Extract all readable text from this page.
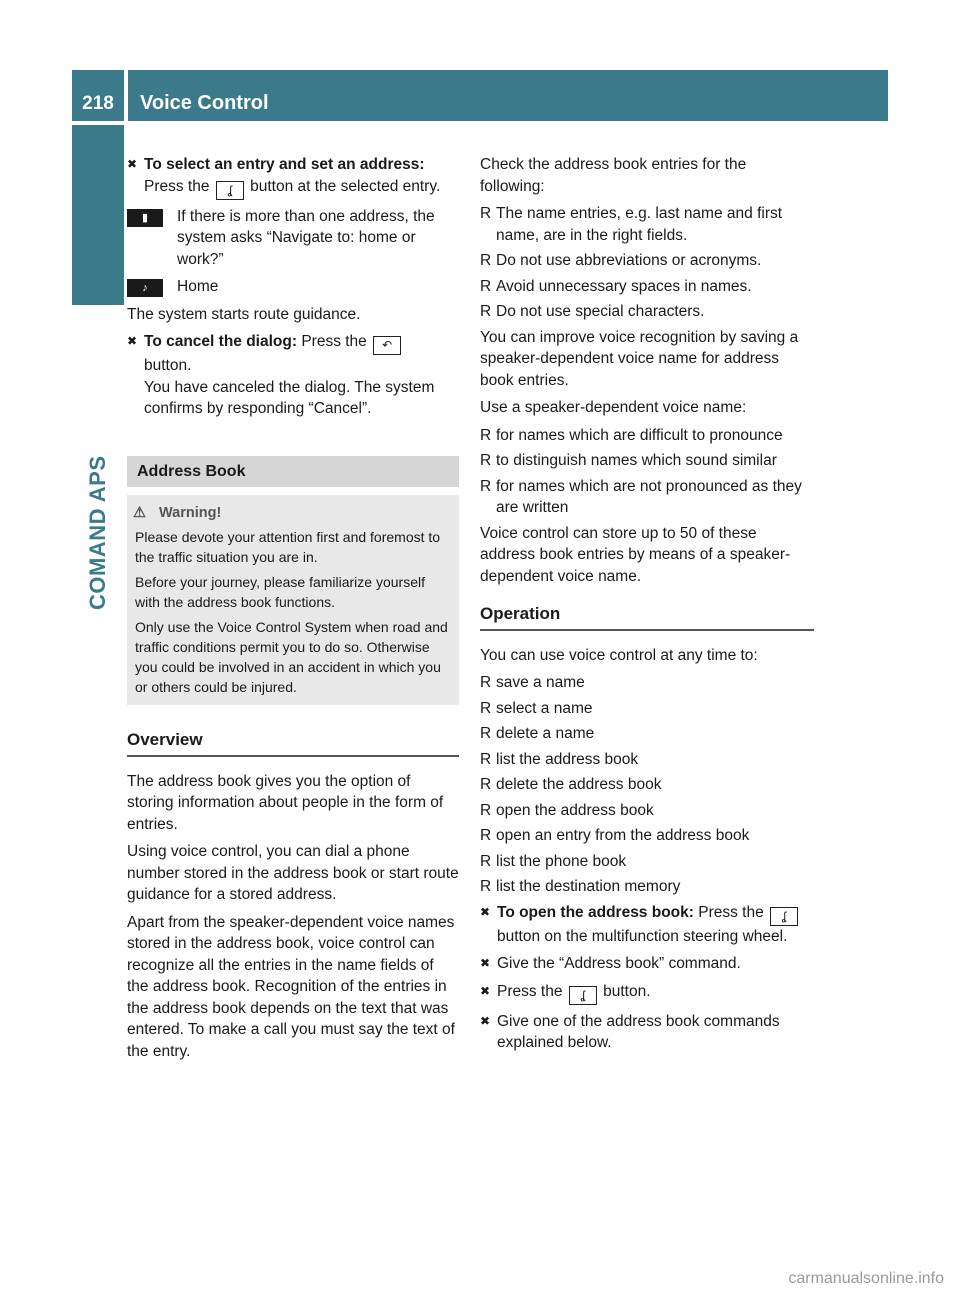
218	Voice Control
COMAND APS
✖ To select an entry and set an address:
Press the ʆ button at the selected entry.
▮	If there is more than one address, the system asks “Navigate to: home or work?”
♪	Home

The system starts route guidance.

✖ To cancel the dialog: Press the ↶
button.
You have canceled the dialog. The system confirms by responding “Cancel”.
Address Book
⚠ Warning!

Please devote your attention first and foremost to the traffic situation you are in.

Before your journey, please familiarize yourself with the address book functions.

Only use the Voice Control System when road and traffic conditions permit you to do so. Otherwise you could be involved in an accident in which you or others could be injured.

Overview

The address book gives you the option of storing information about people in the form of entries.

Using voice control, you can dial a phone number stored in the address book or start route guidance for a stored address.

Apart from the speaker-dependent voice names stored in the address book, voice control can recognize all the entries in the name fields of the address book. Recognition of the entries in the address book depends on the text that was entered. To make a call you must say the text of the entry.

Check the address book entries for the following:

R The name entries, e.g. last name and first name, are in the right fields.
R Do not use abbreviations or acronyms.
R Avoid unnecessary spaces in names.
R Do not use special characters.

You can improve voice recognition by saving a speaker-dependent voice name for address book entries.

Use a speaker-dependent voice name:

R for names which are difficult to pronounce
R to distinguish names which sound similar
R for names which are not pronounced as they are written

Voice control can store up to 50 of these address book entries by means of a speaker-dependent voice name.

Operation

You can use voice control at any time to:

R save a name
R select a name
R delete a name
R list the address book
R delete the address book
R open the address book
R open an entry from the address book
R list the phone book
R list the destination memory
✖ To open the address book: Press the ʆ button on the multifunction steering wheel.
✖ Give the “Address book” command.
✖ Press the ʆ button.
✖ Give one of the address book commands explained below.
carmanualsonline.info
